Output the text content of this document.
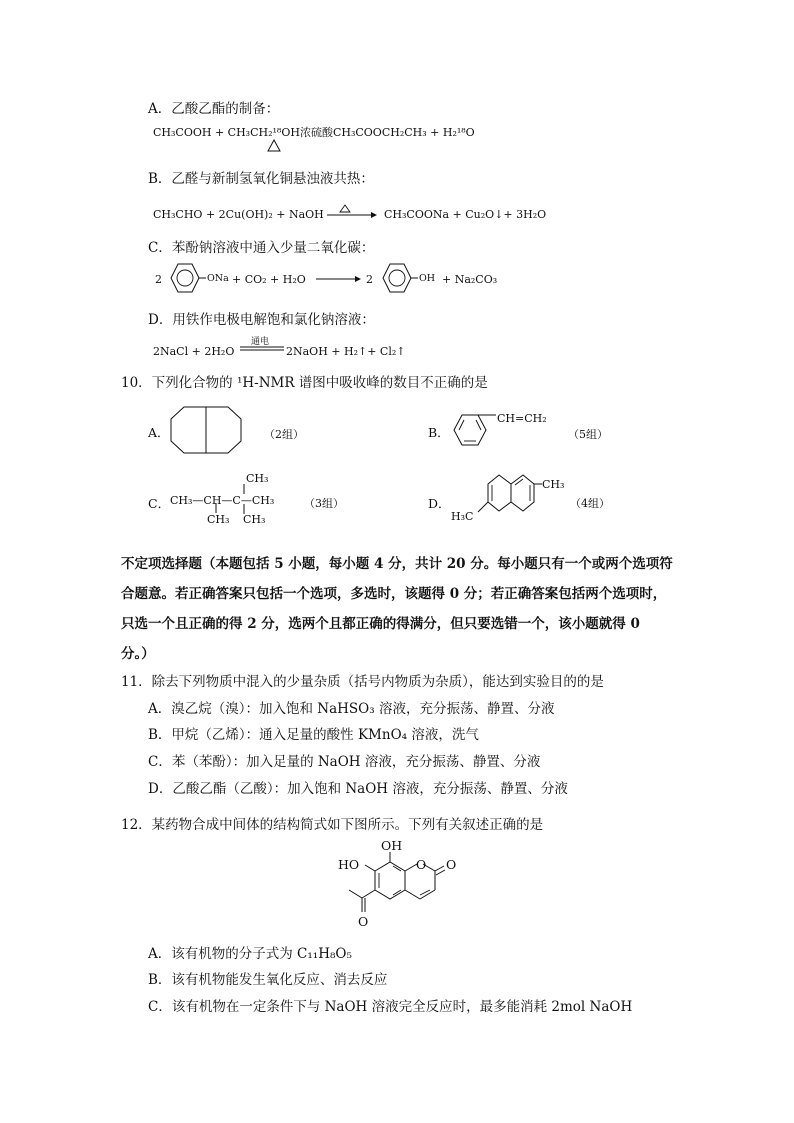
A．乙酸乙酯的制备：
CH₃COOH + CH₃CH₂¹⁸OH浓硫酸CH₃COOCH₂CH₃ + H₂¹⁸O
B．乙醛与新制氢氧化铜悬浊液共热：
CH₃CHO + 2Cu(OH)₂ + NaOH	CH₃COONa + Cu₂O↓+ 3H₂O
C．苯酚钠溶液中通入少量二氧化碳：
2	ONa + CO₂ + H₂O → 2	OH + Na₂CO₃
D．用铁作电极电解饱和氯化钠溶液：
2NaCl + 2H₂O
通电
2NaOH + H₂↑+ Cl₂↑
10．下列化合物的 ¹H-NMR 谱图中吸收峰的数目不正确的是
A．	（2组）	B．
CH=CH₂
（5组）
C．
CH₃
CH₃—CH—C—CH₃
CH₃ CH₃
（3组）	D．
CH₃
H₃C
（4组）
不定项选择题（本题包括 5 小题，每小题 4 分，共计 20 分。每小题只有一个或两个选项符
合题意。若正确答案只包括一个选项，多选时，该题得 0 分；若正确答案包括两个选项时，
只选一个且正确的得 2 分，选两个且都正确的得满分，但只要选错一个，该小题就得 0
分。）
11．除去下列物质中混入的少量杂质（括号内物质为杂质），能达到实验目的的是
A．溴乙烷（溴）：加入饱和 NaHSO₃ 溶液，充分振荡、静置、分液
B．甲烷（乙烯）：通入足量的酸性 KMnO₄ 溶液，洗气
C．苯（苯酚）：加入足量的 NaOH 溶液，充分振荡、静置、分液
D．乙酸乙酯（乙酸）：加入饱和 NaOH 溶液，充分振荡、静置、分液
12．某药物合成中间体的结构简式如下图所示。下列有关叙述正确的是
OH
HO	O O
O
A．该有机物的分子式为 C₁₁H₈O₅
B．该有机物能发生氧化反应、消去反应
C．该有机物在一定条件下与 NaOH 溶液完全反应时，最多能消耗 2mol NaOH
